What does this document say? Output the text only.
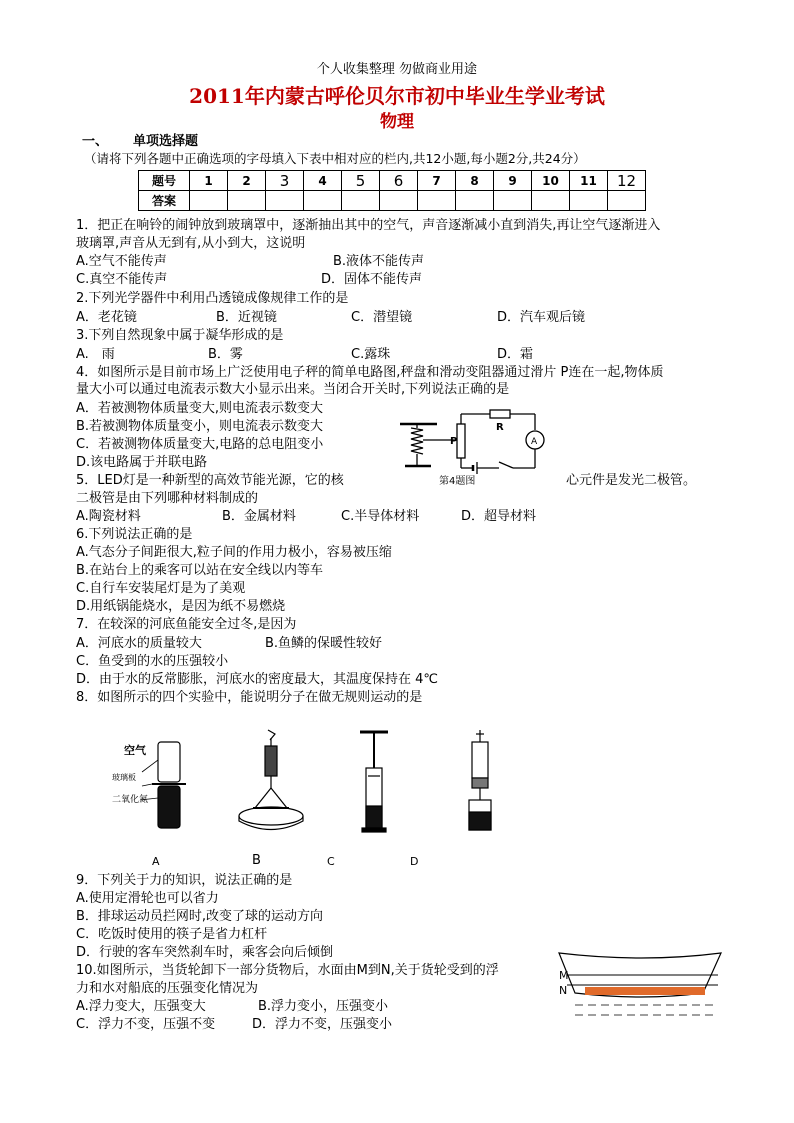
个人收集整理 勿做商业用途
2011年内蒙古呼伦贝尔市初中毕业生学业考试
物理
一、 单项选择题
（请将下列各题中正确选项的字母填入下表中相对应的栏内,共12小题,每小题2分,共24分）
题号	1	2	3	4	5	6	7	8	9	10	11	12
答案												
1．把正在响铃的闹钟放到玻璃罩中，逐渐抽出其中的空气，声音逐渐减小直到消失,再让空气逐渐进入
玻璃罩,声音从无到有,从小到大，这说明
A.空气不能传声	B.液体不能传声
C.真空不能传声	D．固体不能传声
2.下列光学器件中利用凸透镜成像规律工作的是
A．老花镜	B．近视镜	C．潜望镜	D．汽车观后镜
3.下列自然现象中属于凝华形成的是
A.　雨	B．雾	C.露珠	D．霜
4．如图所示是目前市场上广泛使用电子秤的简单电路图,秤盘和滑动变阻器通过滑片 P连在一起,物体质
量大小可以通过电流表示数大小显示出来。当闭合开关时,下列说法正确的是
A．若被测物体质量变大,则电流表示数变大
B.若被测物体质量变小，则电流表示数变大
C．若被测物体质量变大,电路的总电阻变小
D.该电路属于并联电路
P
R
A
第4题图
5．LED灯是一种新型的高效节能光源，它的核	心元件是发光二极管。
二极管是由下列哪种材料制成的
A.陶瓷材料	B．金属材料	C.半导体材料	D．超导材料
6.下列说法正确的是
A.气态分子间距很大,粒子间的作用力极小，容易被压缩
B.在站台上的乘客可以站在安全线以内等车
C.自行车安装尾灯是为了美观
D.用纸锅能烧水，是因为纸不易燃烧
7．在较深的河底鱼能安全过冬,是因为
A．河底水的质量较大	B.鱼鳞的保暖性较好
C．鱼受到的水的压强较小
D．由于水的反常膨胀，河底水的密度最大，其温度保持在 4℃
8．如图所示的四个实验中，能说明分子在做无规则运动的是
空气
玻璃板
二氧化氮
A	B	C	D
9．下列关于力的知识，说法正确的是
A.使用定滑轮也可以省力
B．排球运动员拦网时,改变了球的运动方向
C．吃饭时使用的筷子是省力杠杆
D．行驶的客车突然刹车时，乘客会向后倾倒
10.如图所示，当货轮卸下一部分货物后，水面由M到N,关于货轮受到的浮
力和水对船底的压强变化情况为
A.浮力变大，压强变大	B.浮力变小，压强变小
C．浮力不变，压强不变	D．浮力不变，压强变小
M
N
